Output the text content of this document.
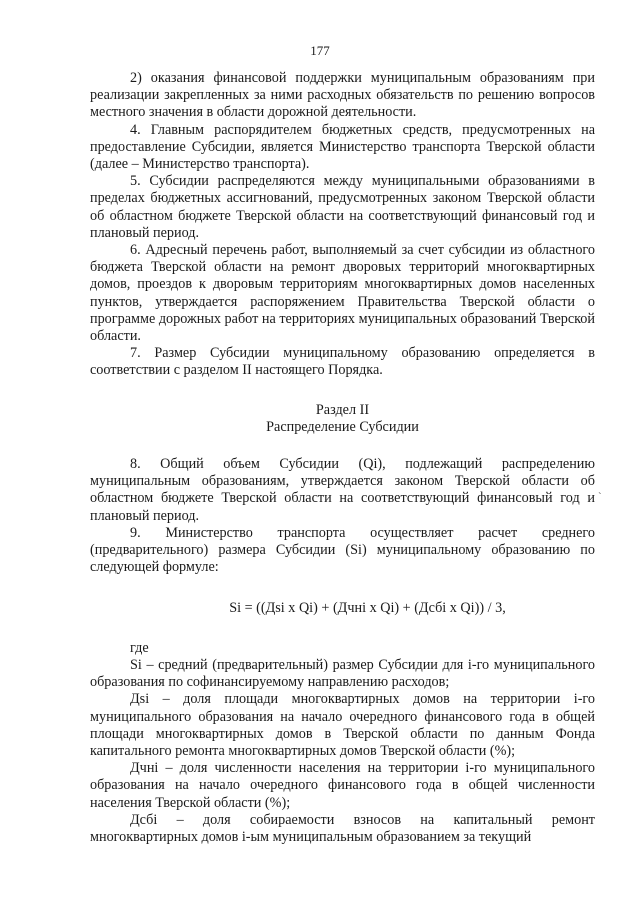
177

2) оказания финансовой поддержки муниципальным образованиям при реализации закрепленных за ними расходных обязательств по решению вопросов местного значения в области дорожной деятельности.

4. Главным распорядителем бюджетных средств, предусмотренных на предоставление Субсидии, является Министерство транспорта Тверской области (далее – Министерство транспорта).

5. Субсидии распределяются между муниципальными образованиями в пределах бюджетных ассигнований, предусмотренных законом Тверской области об областном бюджете Тверской области на соответствующий финансовый год и плановый период.

6. Адресный перечень работ, выполняемый за счет субсидии из областного бюджета Тверской области на ремонт дворовых территорий многоквартирных домов, проездов к дворовым территориям многоквартирных домов населенных пунктов, утверждается распоряжением Правительства Тверской области о программе дорожных работ на территориях муниципальных образований Тверской области.

7. Размер Субсидии муниципальному образованию определяется в соответствии с разделом II настоящего Порядка.

Раздел II

Распределение Субсидии

8. Общий объем Субсидии (Qi), подлежащий распределению муниципальным образованиям, утверждается законом Тверской области об областном бюджете Тверской области на соответствующий финансовый год и плановый период.

9. Министерство транспорта осуществляет расчет среднего (предварительного) размера Субсидии (Si) муниципальному образованию по следующей формуле:

Si = ((Дsi x Qi) + (Дчнi x Qi) + (Дсбi x Qi)) / 3,

где

Si – средний (предварительный) размер Субсидии для i-го муниципального образования по софинансируемому направлению расходов;

Дsi – доля площади многоквартирных домов на территории i-го муниципального образования на начало очередного финансового года в общей площади многоквартирных домов в Тверской области по данным Фонда капитального ремонта многоквартирных домов Тверской области (%);

Дчнi – доля численности населения на территории i-го муниципального образования на начало очередного финансового года в общей численности населения Тверской области (%);

Дсбi – доля собираемости взносов на капитальный ремонт многоквартирных домов i-ым муниципальным образованием за текущий

`
